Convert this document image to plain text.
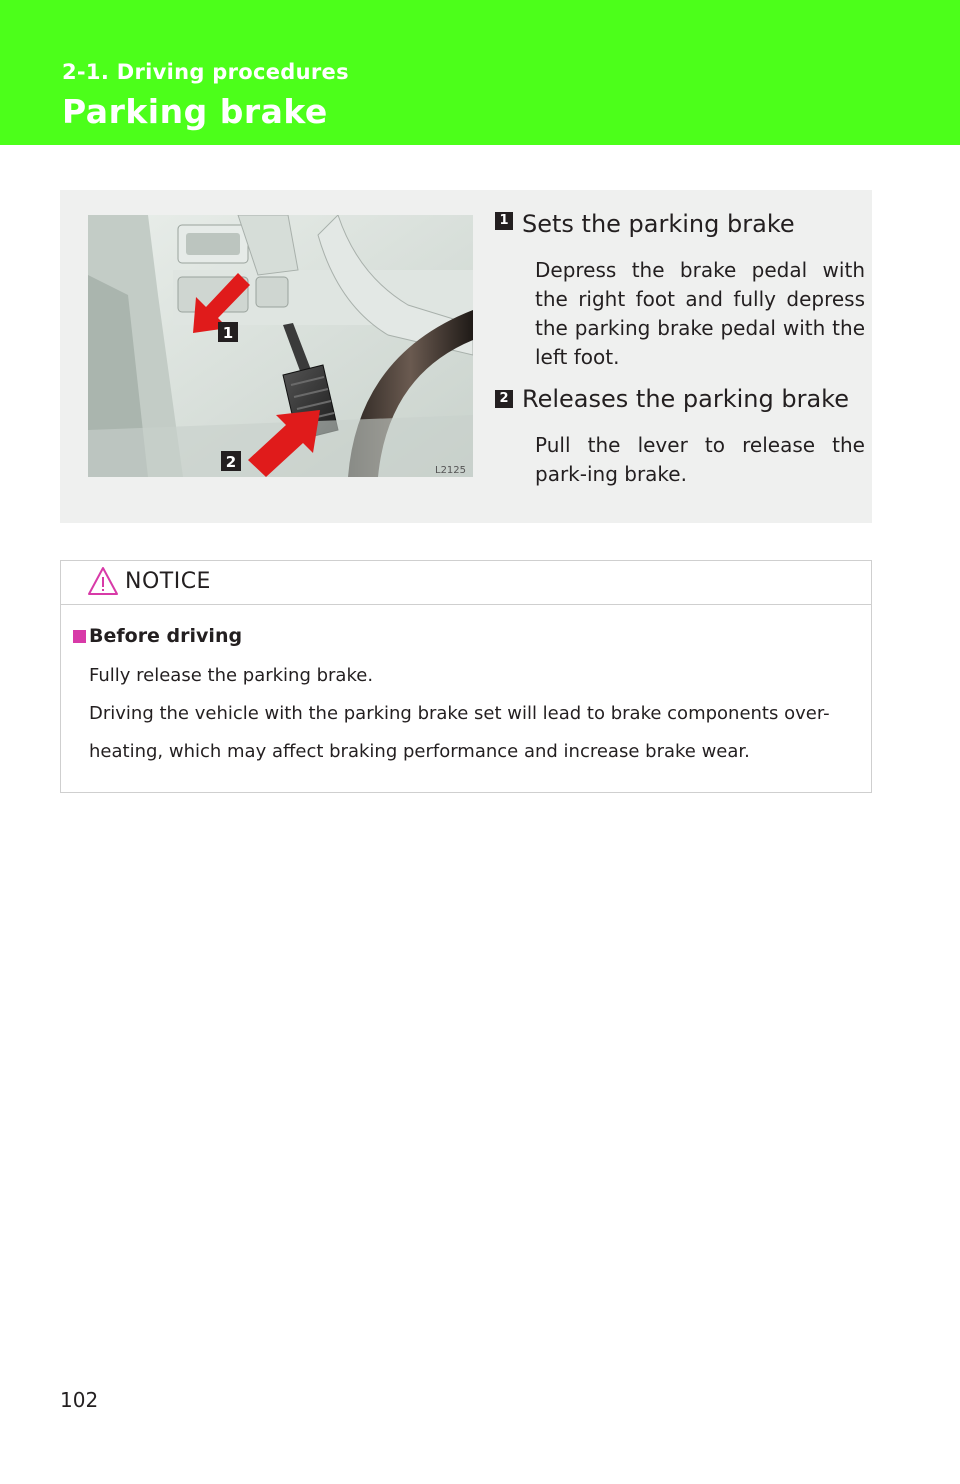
2-1. Driving procedures
Parking brake
1
2	L2125
1 Sets the parking brake
Depress the brake pedal with the right foot and fully depress the parking brake pedal with the left foot.
2 Releases the parking brake
Pull the lever to release the park-ing brake.
NOTICE
Before driving
Fully release the parking brake.
Driving the vehicle with the parking brake set will lead to brake components over-
heating, which may affect braking performance and increase brake wear.
102
